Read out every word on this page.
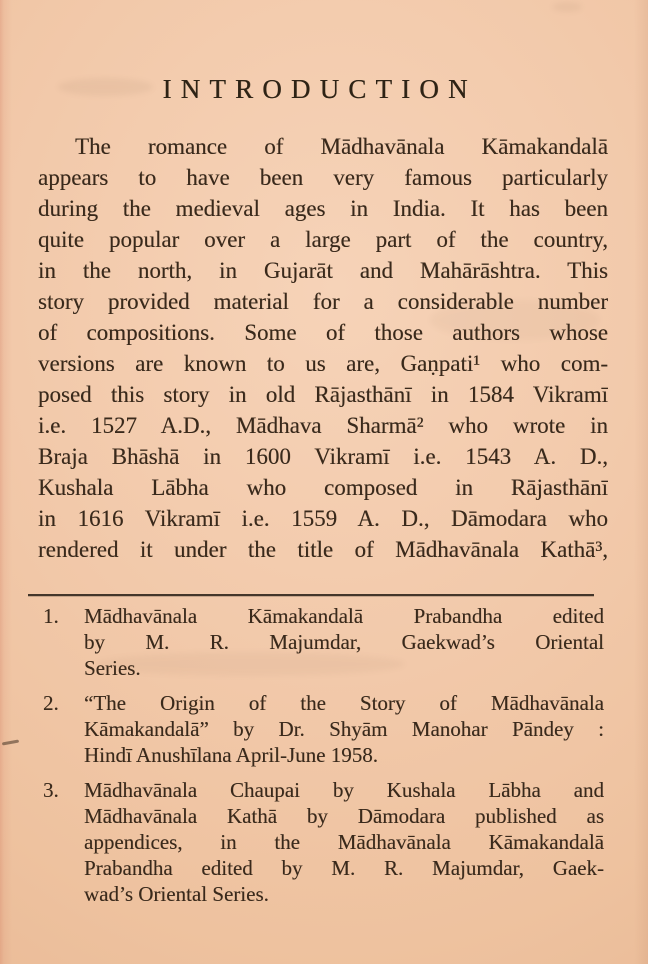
INTRODUCTION
The romance of Mādhavānala Kāmakandalā
appears to have been very famous particularly
during the medieval ages in India. It has been
quite popular over a large part of the country,
in the north, in Gujarāt and Mahārāshtra. This
story provided material for a considerable number
of compositions. Some of those authors whose
versions are known to us are, Gaṇpati¹ who com-
posed this story in old Rājasthānī in 1584 Vikramī
i.e. 1527 A.D., Mādhava Sharmā² who wrote in
Braja Bhāshā in 1600 Vikramī i.e. 1543 A. D.,
Kushala Lābha who composed in Rājasthānī
in 1616 Vikramī i.e. 1559 A. D., Dāmodara who
rendered it under the title of Mādhavānala Kathā³,
1.	Mādhavānala Kāmakandalā Prabandha edited
by M. R. Majumdar, Gaekwad’s Oriental
Series.
2.	“The Origin of the Story of Mādhavānala
Kāmakandalā” by Dr. Shyām Manohar Pāndey :
Hindī Anushīlana April-June 1958.
3.	Mādhavānala Chaupai by Kushala Lābha and
Mādhavānala Kathā by Dāmodara published as
appendices, in the Mādhavānala Kāmakandalā
Prabandha edited by M. R. Majumdar, Gaek-
wad’s Oriental Series.
